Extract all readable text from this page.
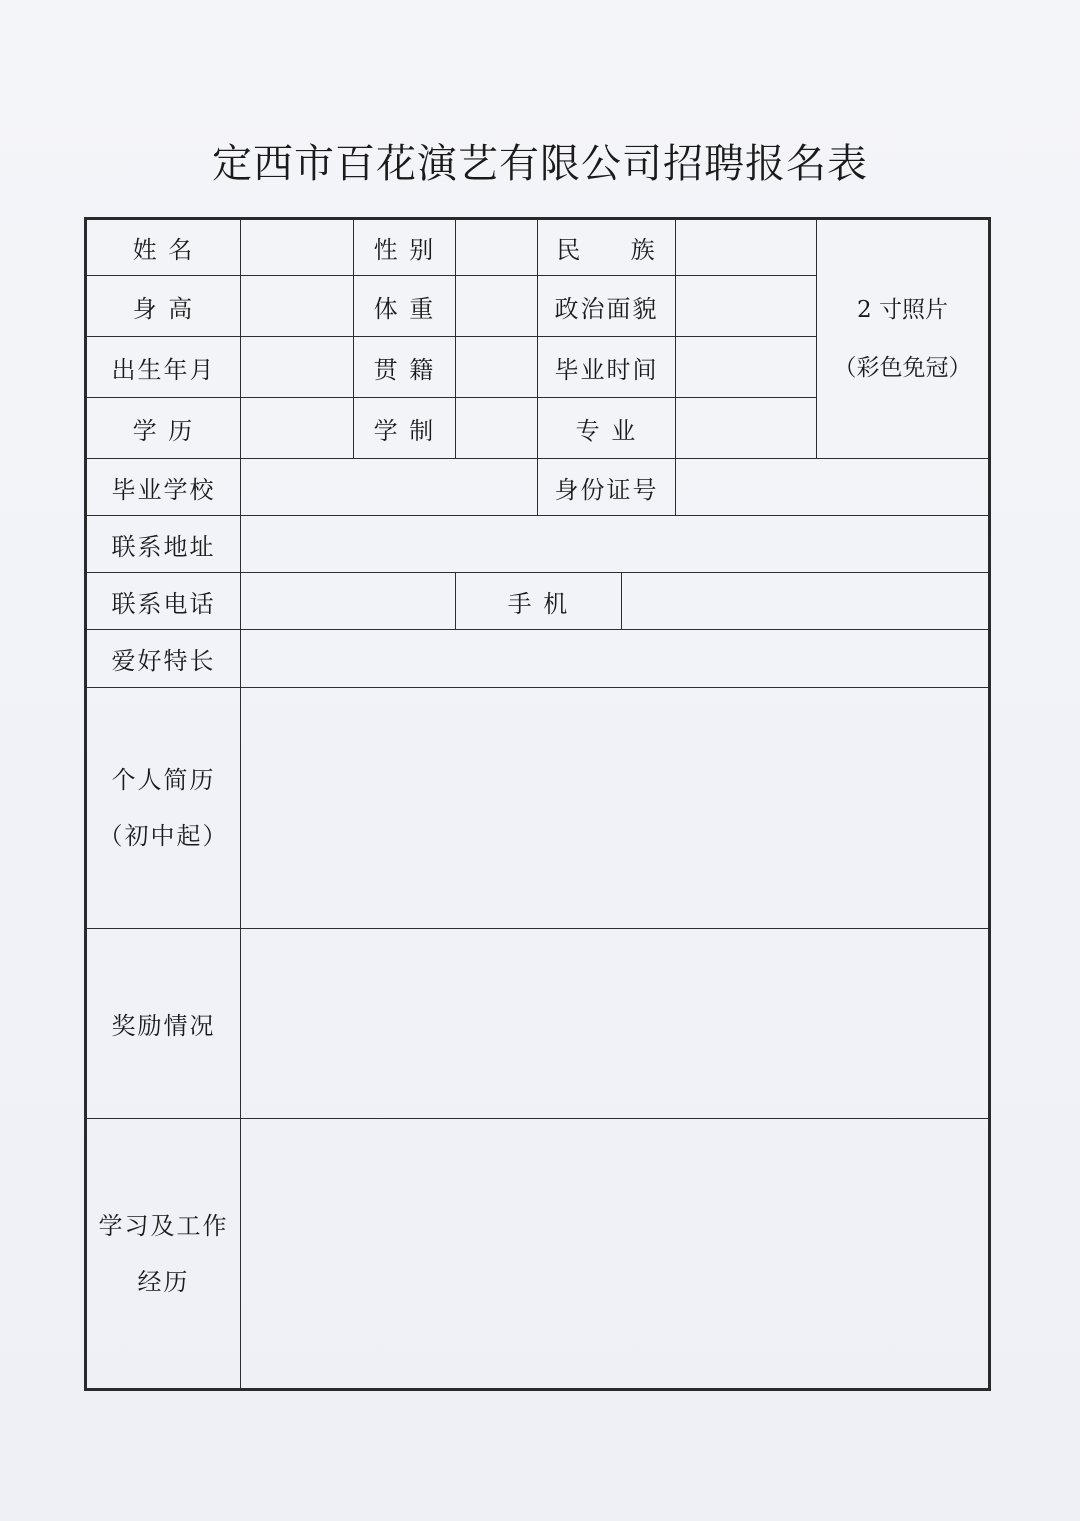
定西市百花演艺有限公司招聘报名表
姓 名		性 别		民     族			2 寸照片
（彩色免冠）

身 高		体 重		政治面貌			
出生年月		贯 籍		毕业时间			
学 历		学 制		专 业			
毕业学校				身份证号			
联系地址							
联系电话			手 机				
爱好特长							

个人简历
（初中起）							

奖励情况							

学习及工作
经历							
